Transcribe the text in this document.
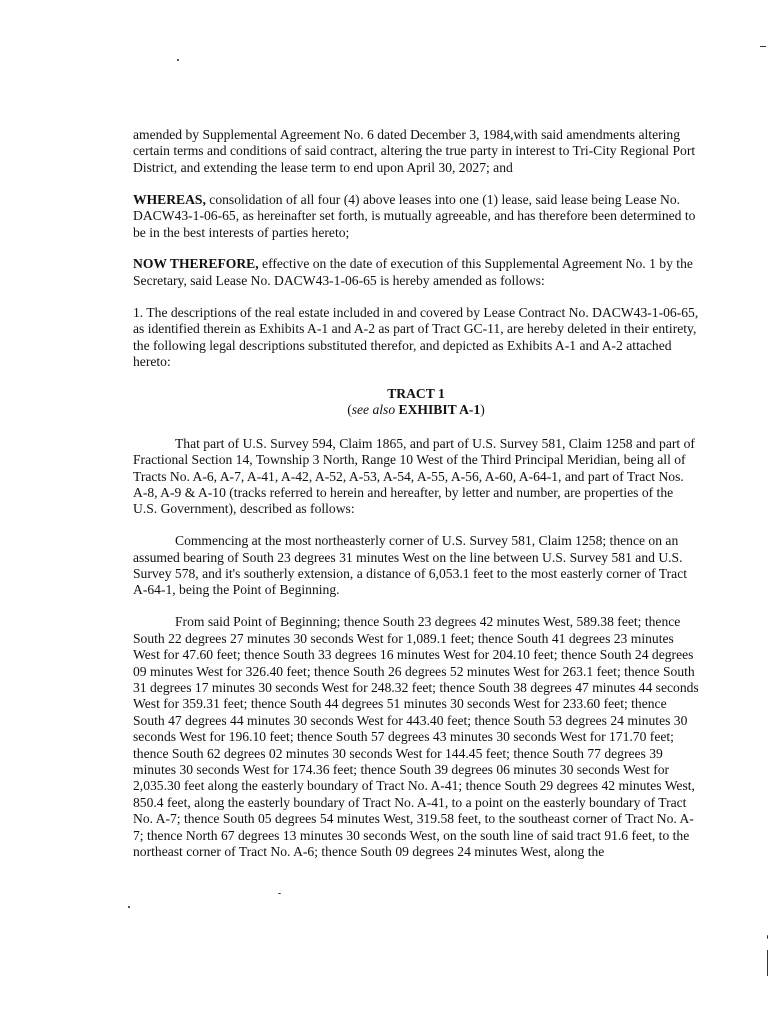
amended by Supplemental Agreement No. 6 dated December 3, 1984,with said amendments altering certain terms and conditions of said contract, altering the true party in interest to Tri-City Regional Port District, and extending the lease term to end upon April 30, 2027; and

WHEREAS, consolidation of all four (4) above leases into one (1) lease, said lease being Lease No. DACW43-1-06-65, as hereinafter set forth, is mutually agreeable, and has therefore been determined to be in the best interests of parties hereto;

NOW THEREFORE, effective on the date of execution of this Supplemental Agreement No. 1 by the Secretary, said Lease No. DACW43-1-06-65 is hereby amended as follows:

1. The descriptions of the real estate included in and covered by Lease Contract No. DACW43-1-06-65, as identified therein as Exhibits A-1 and A-2 as part of Tract GC-11, are hereby deleted in their entirety, the following legal descriptions substituted therefor, and depicted as Exhibits A-1 and A-2 attached hereto:

TRACT 1

(see also EXHIBIT A-1)

That part of U.S. Survey 594, Claim 1865, and part of U.S. Survey 581, Claim 1258 and part of Fractional Section 14, Township 3 North, Range 10 West of the Third Principal Meridian, being all of Tracts No. A-6, A-7, A-41, A-42, A-52, A-53, A-54, A-55, A-56, A-60, A-64-1, and part of Tract Nos. A-8, A-9 & A-10 (tracks referred to herein and hereafter, by letter and number, are properties of the U.S. Government), described as follows:

Commencing at the most northeasterly corner of U.S. Survey 581, Claim 1258; thence on an assumed bearing of South 23 degrees 31 minutes West on the line between U.S. Survey 581 and U.S. Survey 578, and it's southerly extension, a distance of 6,053.1 feet to the most easterly corner of Tract A-64-1, being the Point of Beginning.

From said Point of Beginning; thence South 23 degrees 42 minutes West, 589.38 feet; thence South 22 degrees 27 minutes 30 seconds West for 1,089.1 feet; thence South 41 degrees 23 minutes West for 47.60 feet; thence South 33 degrees 16 minutes West for 204.10 feet; thence South 24 degrees 09 minutes West for 326.40 feet; thence South 26 degrees 52 minutes West for 263.1 feet; thence South 31 degrees 17 minutes 30 seconds West for 248.32 feet; thence South 38 degrees 47 minutes 44 seconds West for 359.31 feet; thence South 44 degrees 51 minutes 30 seconds West for 233.60 feet; thence South 47 degrees 44 minutes 30 seconds West for 443.40 feet; thence South 53 degrees 24 minutes 30 seconds West for 196.10 feet; thence South 57 degrees 43 minutes 30 seconds West for 171.70 feet; thence South 62 degrees 02 minutes 30 seconds West for 144.45 feet; thence South 77 degrees 39 minutes 30 seconds West for 174.36 feet; thence South 39 degrees 06 minutes 30 seconds West for 2,035.30 feet along the easterly boundary of Tract No. A-41; thence South 29 degrees 42 minutes West, 850.4 feet, along the easterly boundary of Tract No. A-41, to a point on the easterly boundary of Tract No. A-7; thence South 05 degrees 54 minutes West, 319.58 feet, to the southeast corner of Tract No. A-7; thence North 67 degrees 13 minutes 30 seconds West, on the south line of said tract 91.6 feet, to the northeast corner of Tract No. A-6; thence South 09 degrees 24 minutes West, along the
